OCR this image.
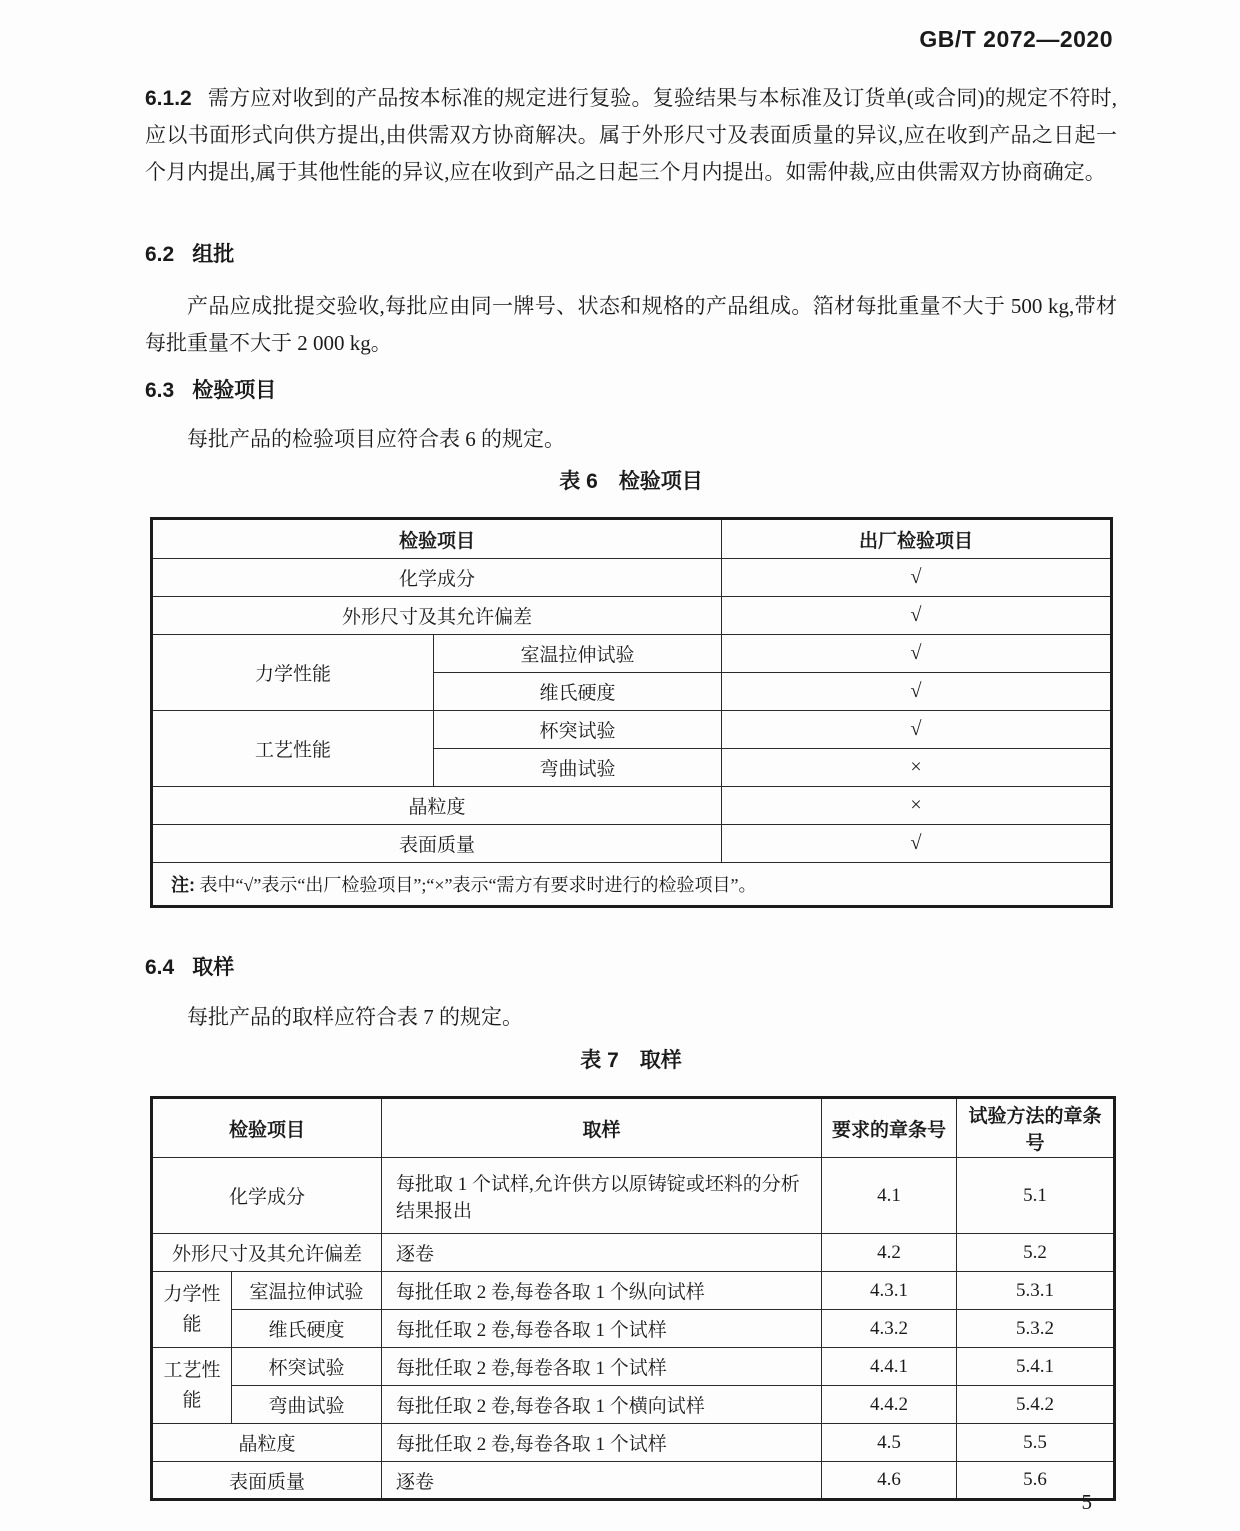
GB/T 2072—2020

6.1.2 需方应对收到的产品按本标准的规定进行复验。复验结果与本标准及订货单(或合同)的规定不符时,应以书面形式向供方提出,由供需双方协商解决。属于外形尺寸及表面质量的异议,应在收到产品之日起一个月内提出,属于其他性能的异议,应在收到产品之日起三个月内提出。如需仲裁,应由供需双方协商确定。

6.2 组批

产品应成批提交验收,每批应由同一牌号、状态和规格的产品组成。箔材每批重量不大于 500 kg,带材每批重量不大于 2 000 kg。

6.3 检验项目

每批产品的检验项目应符合表 6 的规定。

表 6　检验项目
检验项目		出厂检验项目
化学成分		√
外形尺寸及其允许偏差		√
力学性能	室温拉伸试验	√
	维氏硬度	√
工艺性能	杯突试验	√
	弯曲试验	×
晶粒度		×
表面质量		√
注: 表中“√”表示“出厂检验项目”;“×”表示“需方有要求时进行的检验项目”。		
6.4 取样

每批产品的取样应符合表 7 的规定。

表 7　取样
检验项目		取样	要求的章条号	试验方法的章条号
化学成分		每批取 1 个试样,允许供方以原铸锭或坯料的分析结果报出	4.1	5.1
外形尺寸及其允许偏差		逐卷	4.2	5.2
力学性能	室温拉伸试验	每批任取 2 卷,每卷各取 1 个纵向试样	4.3.1	5.3.1
	维氏硬度	每批任取 2 卷,每卷各取 1 个试样	4.3.2	5.3.2
工艺性能	杯突试验	每批任取 2 卷,每卷各取 1 个试样	4.4.1	5.4.1
	弯曲试验	每批任取 2 卷,每卷各取 1 个横向试样	4.4.2	5.4.2
晶粒度		每批任取 2 卷,每卷各取 1 个试样	4.5	5.5
表面质量		逐卷	4.6	5.6
5
